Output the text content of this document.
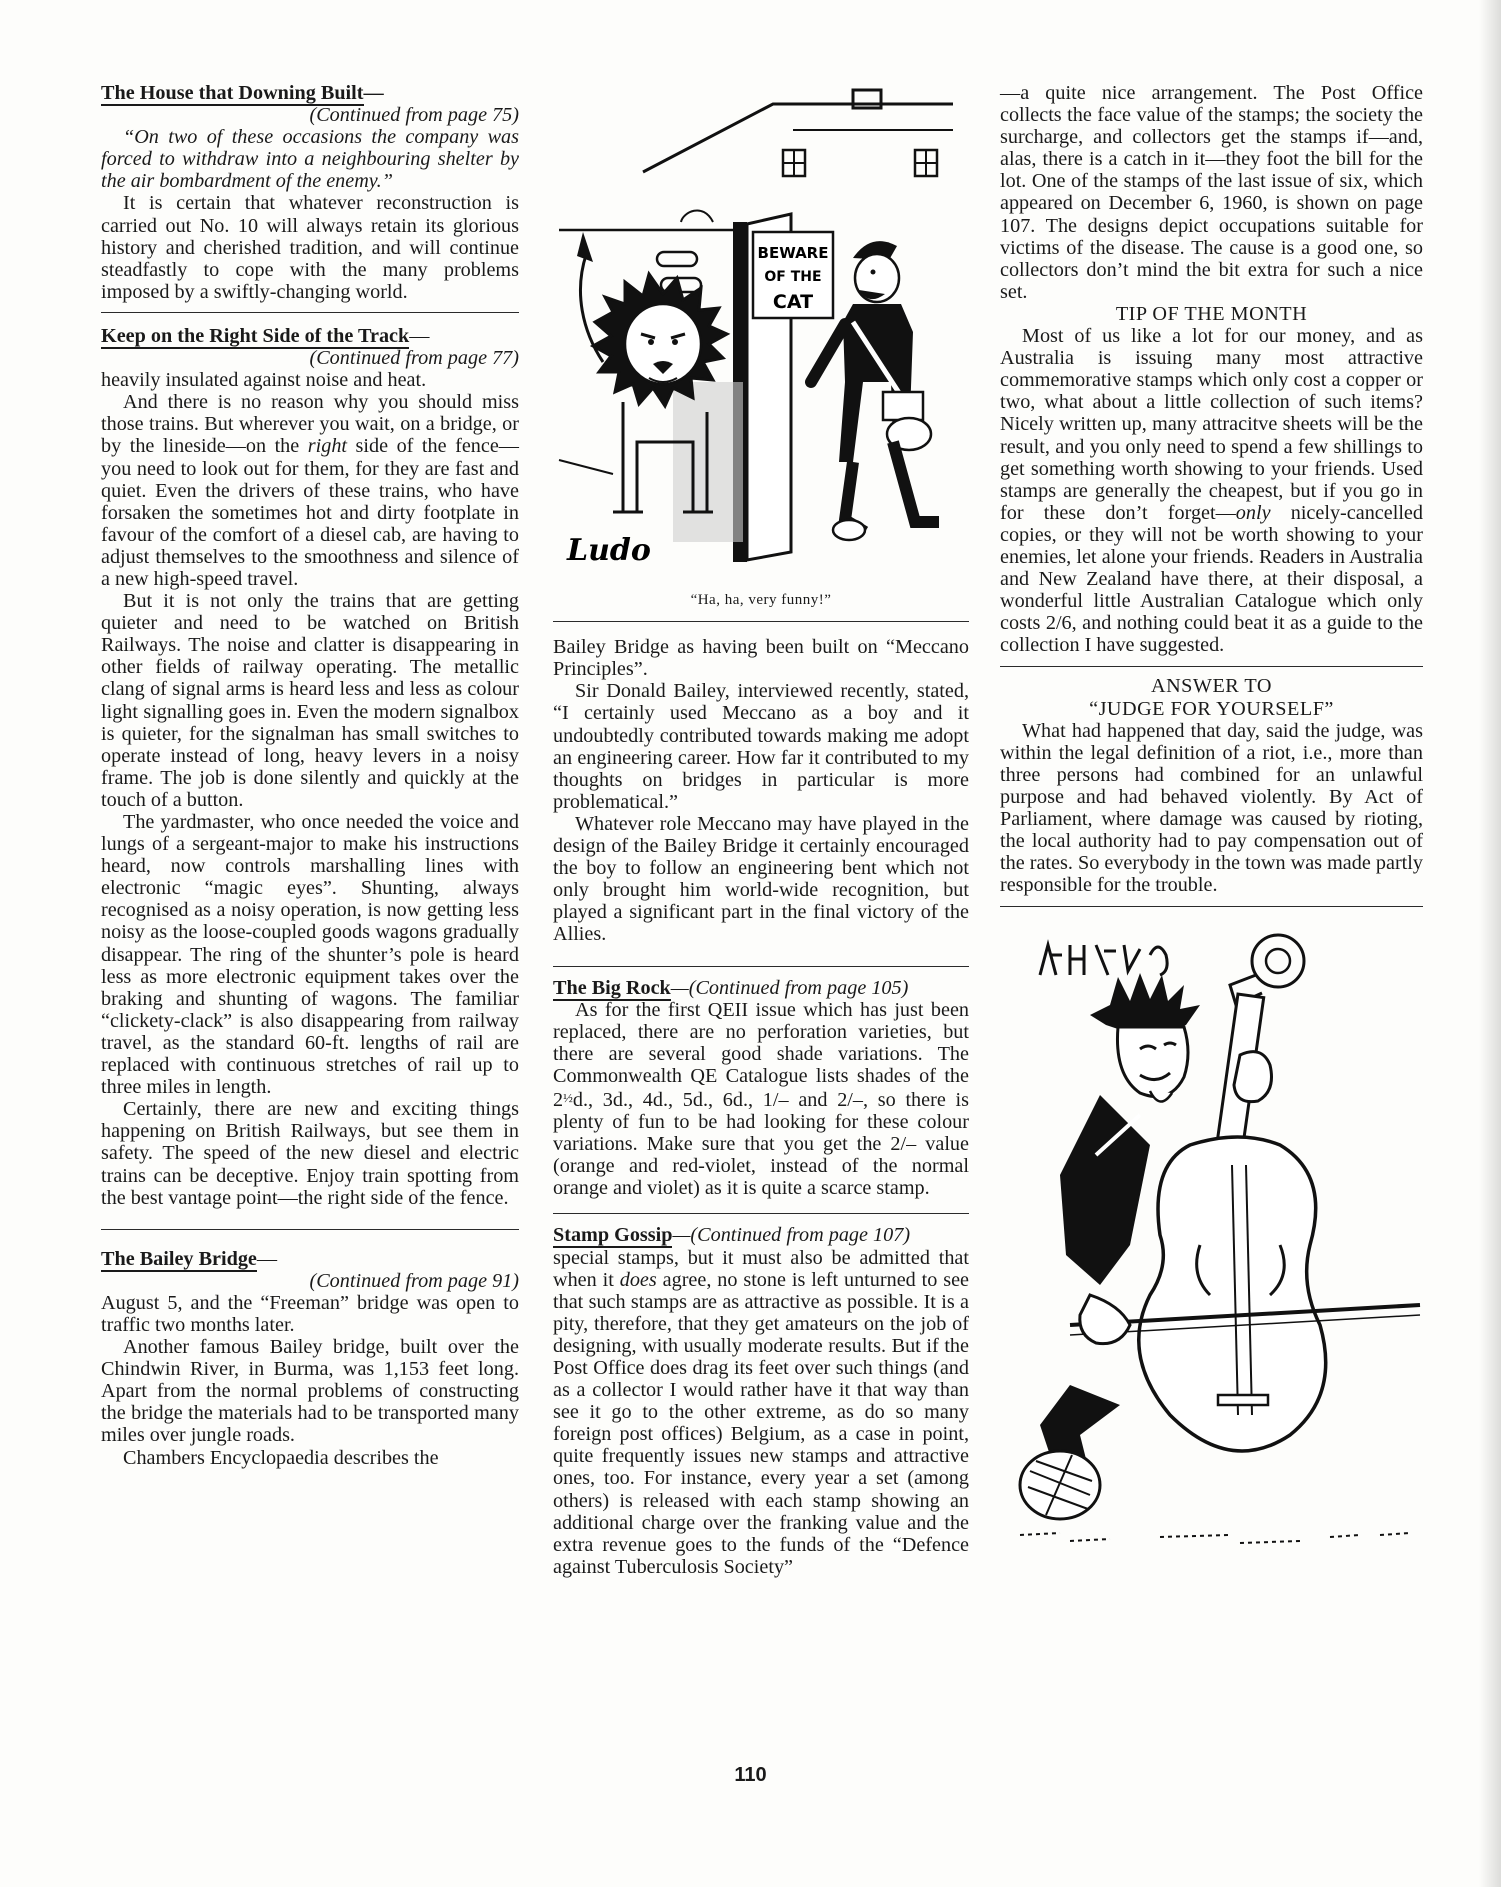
The House that Downing Built—

(Continued from page 75)

“On two of these occasions the company was forced to withdraw into a neighbouring shelter by the air bombardment of the enemy.”

It is certain that whatever reconstruction is carried out No. 10 will always retain its glorious history and cherished tradition, and will continue steadfastly to cope with the many problems imposed by a swiftly-changing world.

Keep on the Right Side of the Track—

(Continued from page 77)

heavily insulated against noise and heat.

And there is no reason why you should miss those trains. But wherever you wait, on a bridge, or by the lineside—on the right side of the fence—you need to look out for them, for they are fast and quiet. Even the drivers of these trains, who have forsaken the sometimes hot and dirty footplate in favour of the comfort of a diesel cab, are having to adjust themselves to the smoothness and silence of a new high-speed travel.

But it is not only the trains that are getting quieter and need to be watched on British Railways. The noise and clatter is disappearing in other fields of railway operating. The metallic clang of signal arms is heard less and less as colour light signalling goes in. Even the modern signalbox is quieter, for the signalman has small switches to operate instead of long, heavy levers in a noisy frame. The job is done silently and quickly at the touch of a button.

The yardmaster, who once needed the voice and lungs of a sergeant-major to make his instructions heard, now controls marshalling lines with electronic “magic eyes”. Shunting, always recognised as a noisy operation, is now getting less noisy as the loose-coupled goods wagons gradually disappear. The ring of the shunter’s pole is heard less as more electronic equipment takes over the braking and shunting of wagons. The familiar “clickety-clack” is also disappearing from railway travel, as the standard 60-ft. lengths of rail are replaced with continuous stretches of rail up to three miles in length.

Certainly, there are new and exciting things happening on British Railways, but see them in safety. The speed of the new diesel and electric trains can be deceptive. Enjoy train spotting from the best vantage point—the right side of the fence.

The Bailey Bridge—

(Continued from page 91)

August 5, and the “Freeman” bridge was open to traffic two months later.

Another famous Bailey bridge, built over the Chindwin River, in Burma, was 1,153 feet long. Apart from the normal problems of constructing the bridge the materials had to be transported many miles over jungle roads.

Chambers Encyclopaedia describes the

BEWARE
OF THE
CAT
Ludo
“Ha, ha, very funny!”

Bailey Bridge as having been built on “Meccano Principles”.

Sir Donald Bailey, interviewed recently, stated, “I certainly used Meccano as a boy and it undoubtedly contributed towards making me adopt an engineering career. How far it contributed to my thoughts on bridges in particular is more problematical.”

Whatever role Meccano may have played in the design of the Bailey Bridge it certainly encouraged the boy to follow an engineering bent which not only brought him world-wide recognition, but played a significant part in the final victory of the Allies.

The Big Rock—(Continued from page 105)

As for the first QEII issue which has just been replaced, there are no perforation varieties, but there are several good shade variations. The Commonwealth QE Catalogue lists shades of the 2½d., 3d., 4d., 5d., 6d., 1/– and 2/–, so there is plenty of fun to be had looking for these colour variations. Make sure that you get the 2/– value (orange and red-violet, instead of the normal orange and violet) as it is quite a scarce stamp.

Stamp Gossip—(Continued from page 107)

special stamps, but it must also be admitted that when it does agree, no stone is left unturned to see that such stamps are as attractive as possible. It is a pity, therefore, that they get amateurs on the job of designing, with usually moderate results. But if the Post Office does drag its feet over such things (and as a collector I would rather have it that way than see it go to the other extreme, as do so many foreign post offices) Belgium, as a case in point, quite frequently issues new stamps and attractive ones, too. For instance, every year a set (among others) is released with each stamp showing an additional charge over the franking value and the extra revenue goes to the funds of the “Defence against Tuberculosis Society”

—a quite nice arrangement. The Post Office collects the face value of the stamps; the society the surcharge, and collectors get the stamps if—and, alas, there is a catch in it—they foot the bill for the lot. One of the stamps of the last issue of six, which appeared on December 6, 1960, is shown on page 107. The designs depict occupations suitable for victims of the disease. The cause is a good one, so collectors don’t mind the bit extra for such a nice set.

TIP OF THE MONTH

Most of us like a lot for our money, and as Australia is issuing many most attractive commemorative stamps which only cost a copper or two, what about a little collection of such items? Nicely written up, many attracitve sheets will be the result, and you only need to spend a few shillings to get something worth showing to your friends. Used stamps are generally the cheapest, but if you go in for these don’t forget—only nicely-cancelled copies, or they will not be worth showing to your enemies, let alone your friends. Readers in Australia and New Zealand have there, at their disposal, a wonderful little Australian Catalogue which only costs 2/6, and nothing could beat it as a guide to the collection I have suggested.

ANSWER TO

“JUDGE FOR YOURSELF”

What had happened that day, said the judge, was within the legal definition of a riot, i.e., more than three persons had combined for an unlawful purpose and had behaved violently. By Act of Parliament, where damage was caused by rioting, the local authority had to pay compensation out of the rates. So everybody in the town was made partly responsible for the trouble.

110
